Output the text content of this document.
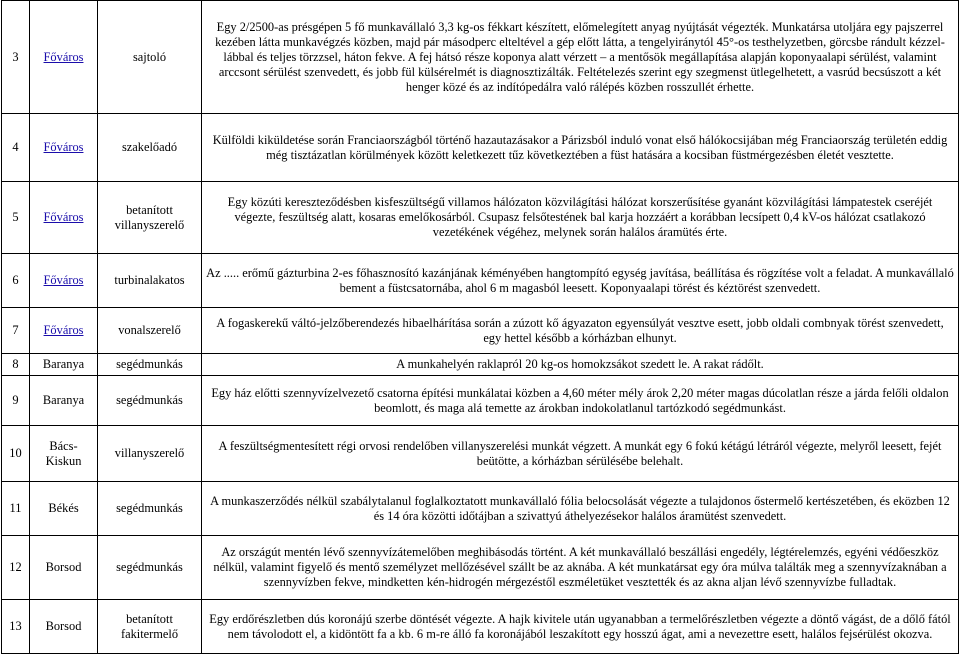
3	Főváros	sajtoló	Egy 2/2500-as présgépen 5 fő munkavállaló 3,3 kg-os fékkart készített, előmelegített anyag nyújtását végezték. Munkatársa utoljára egy pajszerrel kezében látta munkavégzés közben, majd pár másodperc elteltével a gép előtt látta, a tengelyiránytól 45°-os testhelyzetben, görcsbe rándult kézzel- lábbal és teljes törzzsel, háton fekve. A fej hátsó része koponya alatt vérzett – a mentősök megállapítása alapján koponyaalapi sérülést, valamint arccsont sérülést szenvedett, és jobb fül külsérelmét is diagnosztizálták. Feltételezés szerint egy szegmenst ütlegelhetett, a vasrúd becsúszott a két henger közé és az indítópedálra való rálépés közben rosszullét érhette.
4	Főváros	szakelőadó	Külföldi kiküldetése során Franciaországból történő hazautazásakor a Párizsból induló vonat első hálókocsijában még Franciaország területén eddig még tisztázatlan körülmények között keletkezett tűz következtében a füst hatására a kocsiban füstmérgezésben életét vesztette.
5	Főváros	betanított villanyszerelő	Egy közúti kereszteződésben kisfeszültségű villamos hálózaton közvilágítási hálózat korszerűsítése gyanánt közvilágítási lámpatestek cseréjét végezte, feszültség alatt, kosaras emelőkosárból. Csupasz felsőtestének bal karja hozzáért a korábban lecsípett 0,4 kV-os hálózat csatlakozó vezetékének végéhez, melynek során halálos áramütés érte.
6	Főváros	turbinalakatos	Az ..... erőmű gázturbina 2-es főhasznosító kazánjának kéményében hangtompító egység javítása, beállítása és rögzítése volt a feladat. A munkavállaló bement a füstcsatornába, ahol 6 m magasból leesett. Koponyaalapi törést és kéztörést szenvedett.
7	Főváros	vonalszerelő	A fogaskerekű váltó-jelzőberendezés hibaelhárítása során a zúzott kő ágyazaton egyensúlyát vesztve esett, jobb oldali combnyak törést szenvedett, egy hettel később a kórházban elhunyt.
8	Baranya	segédmunkás	A munkahelyén raklapról 20 kg-os homokzsákot szedett le. A rakat rádőlt.
9	Baranya	segédmunkás	Egy ház előtti szennyvízelvezető csatorna építési munkálatai közben a 4,60 méter mély árok 2,20 méter magas dúcolatlan része a járda felőli oldalon beomlott, és maga alá temette az árokban indokolatlanul tartózkodó segédmunkást.
10	Bács-Kiskun	villanyszerelő	A feszültségmentesített régi orvosi rendelőben villanyszerelési munkát végzett. A munkát egy 6 fokú kétágú létráról végezte, melyről leesett, fejét beütötte, a kórházban sérülésébe belehalt.
11	Békés	segédmunkás	A munkaszerződés nélkül szabálytalanul foglalkoztatott munkavállaló fólia belocsolását végezte a tulajdonos őstermelő kertészetében, és eközben 12 és 14 óra közötti időtájban a szivattyú áthelyezésekor halálos áramütést szenvedett.
12	Borsod	segédmunkás	Az országút mentén lévő szennyvízátemelőben meghibásodás történt. A két munkavállaló beszállási engedély, légtérelemzés, egyéni védőeszköz nélkül, valamint figyelő és mentő személyzet mellőzésével szállt be az aknába. A két munkatársat egy óra múlva találták meg a szennyvízaknában a szennyvízben fekve, mindketten kén-hidrogén mérgezéstől eszméletüket vesztették és az akna aljan lévő szennyvízbe fulladtak.
13	Borsod	betanított fakitermelő	Egy erdőrészletben dús koronájú szerbe döntését végezte. A hajk kivitele után ugyanabban a termelőrészletben végezte a döntő vágást, de a dőlő fától nem távolodott el, a kidöntött fa a kb. 6 m-re álló fa koronájából leszakított egy hosszú ágat, ami a nevezettre esett, halálos fejsérülést okozva.
